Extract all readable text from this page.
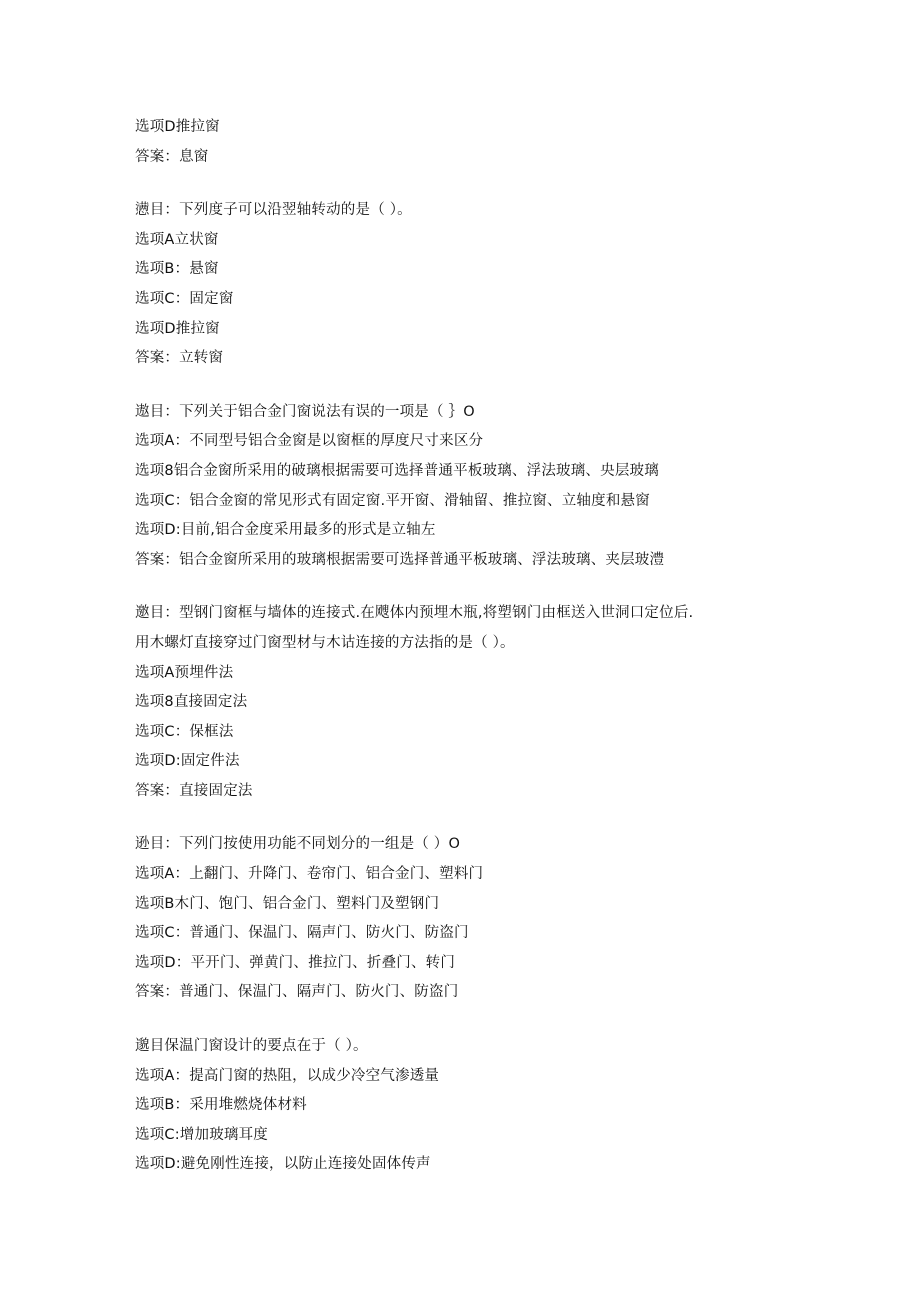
选项D推拉窗
答案：息窗
懑目：下列度子可以沿翌轴转动的是（ ）。
选项A立状窗
选项B：悬窗
选项C：固定窗
选项D推拉窗
答案：立转窗
遨目：下列关于铝合金门窗说法有误的一项是（ ｝O
选项A：不同型号铝合金窗是以窗框的厚度尺寸来区分
选项8铝合金窗所采用的破璃根据需要可选择普通平板玻璃、浮法玻璃、央层玻璃
选项C：铝合金窗的常见形式有固定窗.平开窗、滑轴留、推拉窗、立轴度和悬窗
选项D:目前,铝合金度采用最多的形式是立轴左
答案：铝合金窗所采用的玻璃根据需要可选择普通平板玻璃、浮法玻璃、夹层玻澧
邀目：型钢门窗框与墙体的连接式.在飕体内预埋木瓶,将塑钢门由框送入世洞口定位后.
用木螺灯直接穿过门窗型材与木诂连接的方法指的是（ ）。
选项A预埋件法
选项8直接固定法
选项C：保框法
选项D:固定件法
答案：直接固定法
逊目：下列门按使用功能不同划分的一组是（ ）O
选项A：上翻门、升降门、卷帘门、铝合金门、塑料门
选项B木门、饱门、铝合金门、塑料门及塑钢门
选项C：普通门、保温门、隔声门、防火门、防盗门
选项D：平开门、弹黄门、推拉门、折叠门、转门
答案：普通门、保温门、隔声门、防火门、防盗门
邈目保温门窗设计的要点在于（ ）。
选项A：提高门窗的热阻，以成少冷空气渗透量
选项B：采用堆燃烧体材料
选项C:增加玻璃耳度
选项D:避免刚性连接，以防止连接处固体传声
